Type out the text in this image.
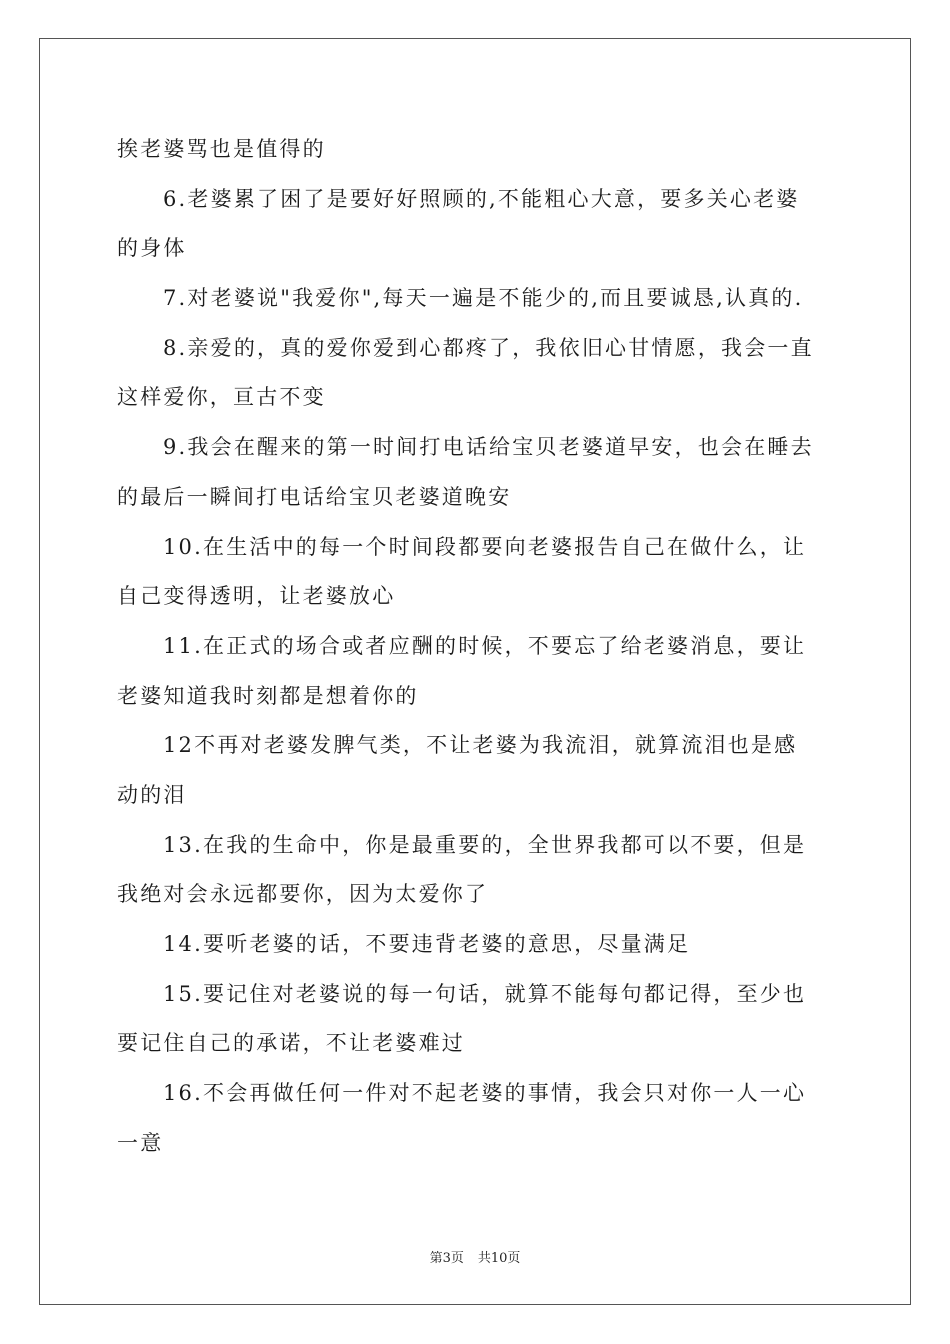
挨老婆骂也是值得的
6.老婆累了困了是要好好照顾的,不能粗心大意，要多关心老婆
的身体
7.对老婆说"我爱你",每天一遍是不能少的,而且要诚恳,认真的.
8.亲爱的，真的爱你爱到心都疼了，我依旧心甘情愿，我会一直
这样爱你，亘古不变
9.我会在醒来的第一时间打电话给宝贝老婆道早安，也会在睡去
的最后一瞬间打电话给宝贝老婆道晚安
10.在生活中的每一个时间段都要向老婆报告自己在做什么，让
自己变得透明，让老婆放心
11.在正式的场合或者应酬的时候，不要忘了给老婆消息，要让
老婆知道我时刻都是想着你的
12不再对老婆发脾气类，不让老婆为我流泪，就算流泪也是感
动的泪
13.在我的生命中，你是最重要的，全世界我都可以不要，但是
我绝对会永远都要你，因为太爱你了
14.要听老婆的话，不要违背老婆的意思，尽量满足
15.要记住对老婆说的每一句话，就算不能每句都记得，至少也
要记住自己的承诺，不让老婆难过
16.不会再做任何一件对不起老婆的事情，我会只对你一人一心
一意
第3页 共10页
